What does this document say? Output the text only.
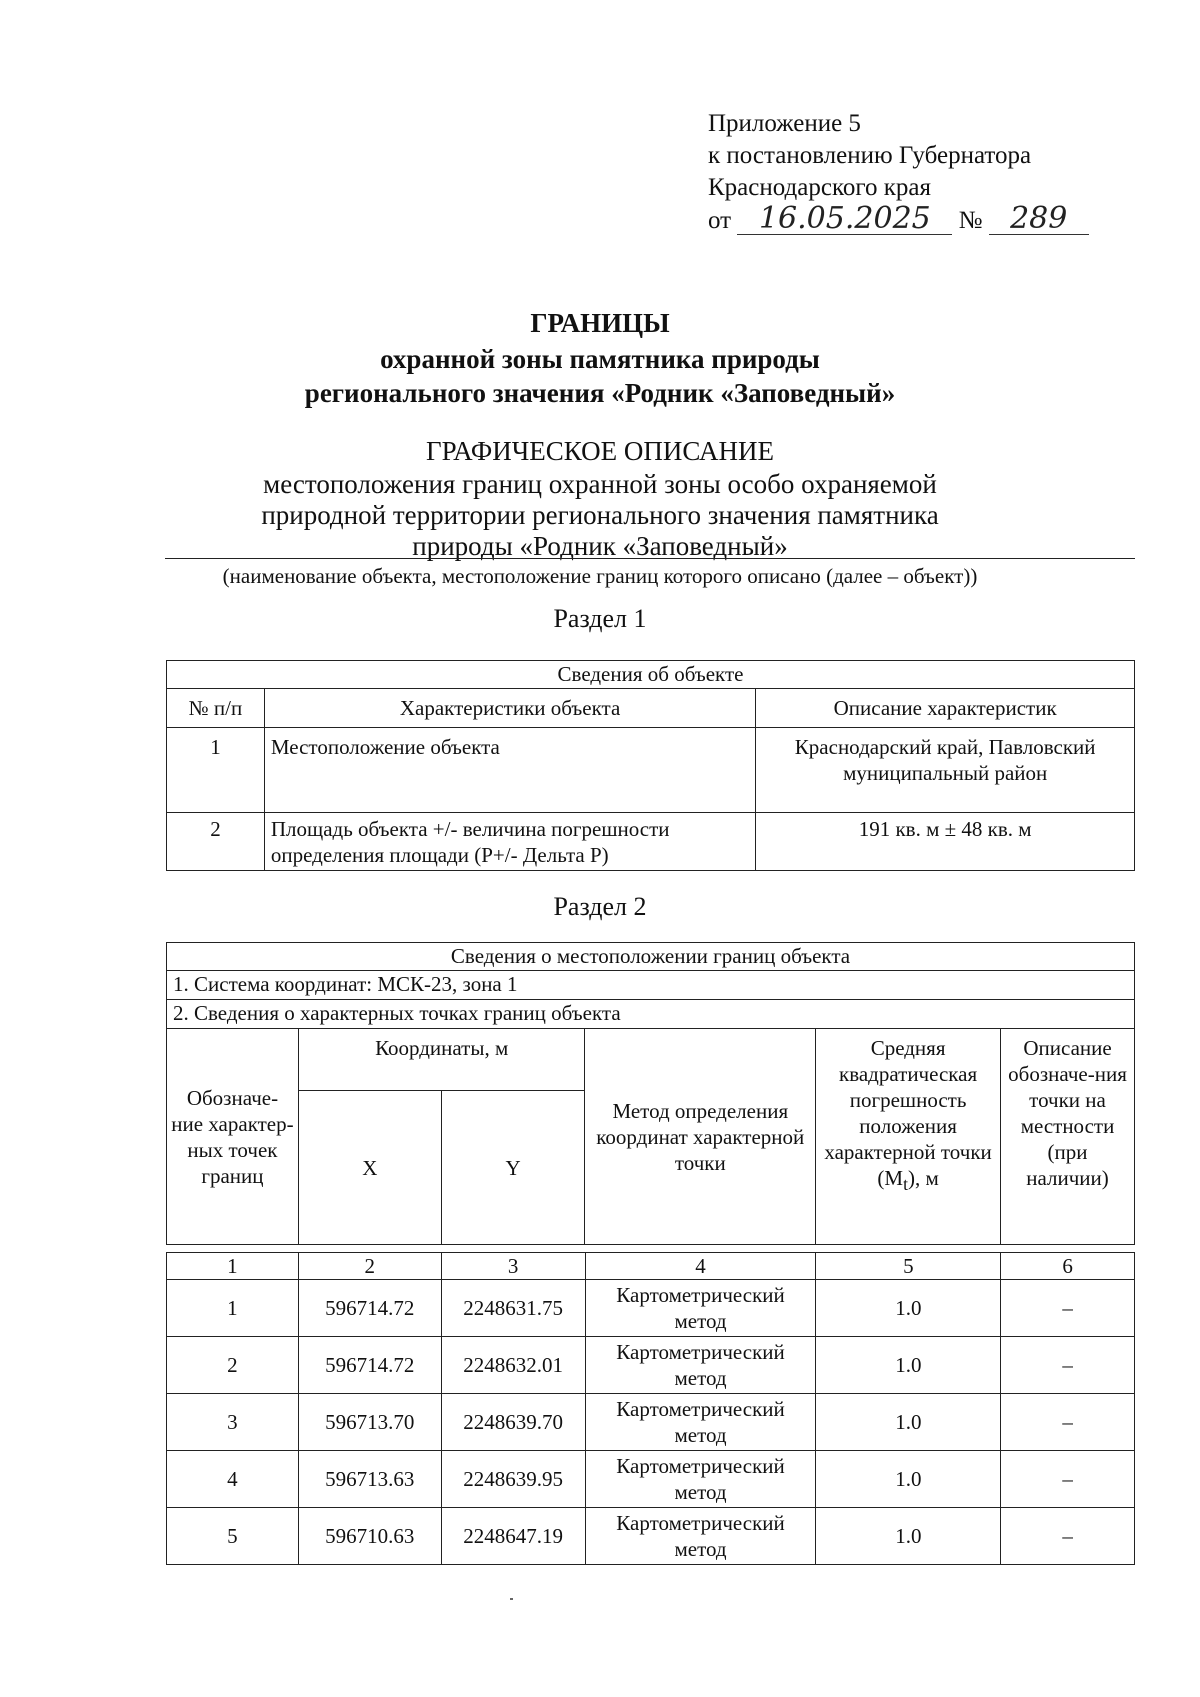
Приложение 5
к постановлению Губернатора
Краснодарского края
от 16.05.2025 № 289
ГРАНИЦЫ
охранной зоны памятника природы
регионального значения «Родник «Заповедный»
ГРАФИЧЕСКОЕ ОПИСАНИЕ
местоположения границ охранной зоны особо охраняемой
природной территории регионального значения памятника
природы «Родник «Заповедный»
(наименование объекта, местоположение границ которого описано (далее – объект))
Раздел 1
Сведения об объекте		
№ п/п	Характеристики объекта	Описание характеристик
1	Местоположение объекта	Краснодарский край, Павловский муниципальный район
2	Площадь объекта +/- величина погрешности определения площади (Р+/- Дельта Р)	191 кв. м ± 48 кв. м
Раздел 2
Сведения о местоположении границ объекта					
1. Система координат: МСК-23, зона 1					
2. Сведения о характерных точках границ объекта					
Обозначе-ние характер-ных точек границ	Координаты, м		Метод определения координат характерной точки	Средняя квадратическая погрешность положения характерной точки $(M_t)$, м	Описание обозначе-ния точки на местности (при наличии)
	X	Y			
1	2	3	4	5	6
1	596714.72	2248631.75	Картометрический метод	1.0	–
2	596714.72	2248632.01	Картометрический метод	1.0	–
3	596713.70	2248639.70	Картометрический метод	1.0	–
4	596713.63	2248639.95	Картометрический метод	1.0	–
5	596710.63	2248647.19	Картометрический метод	1.0	–
